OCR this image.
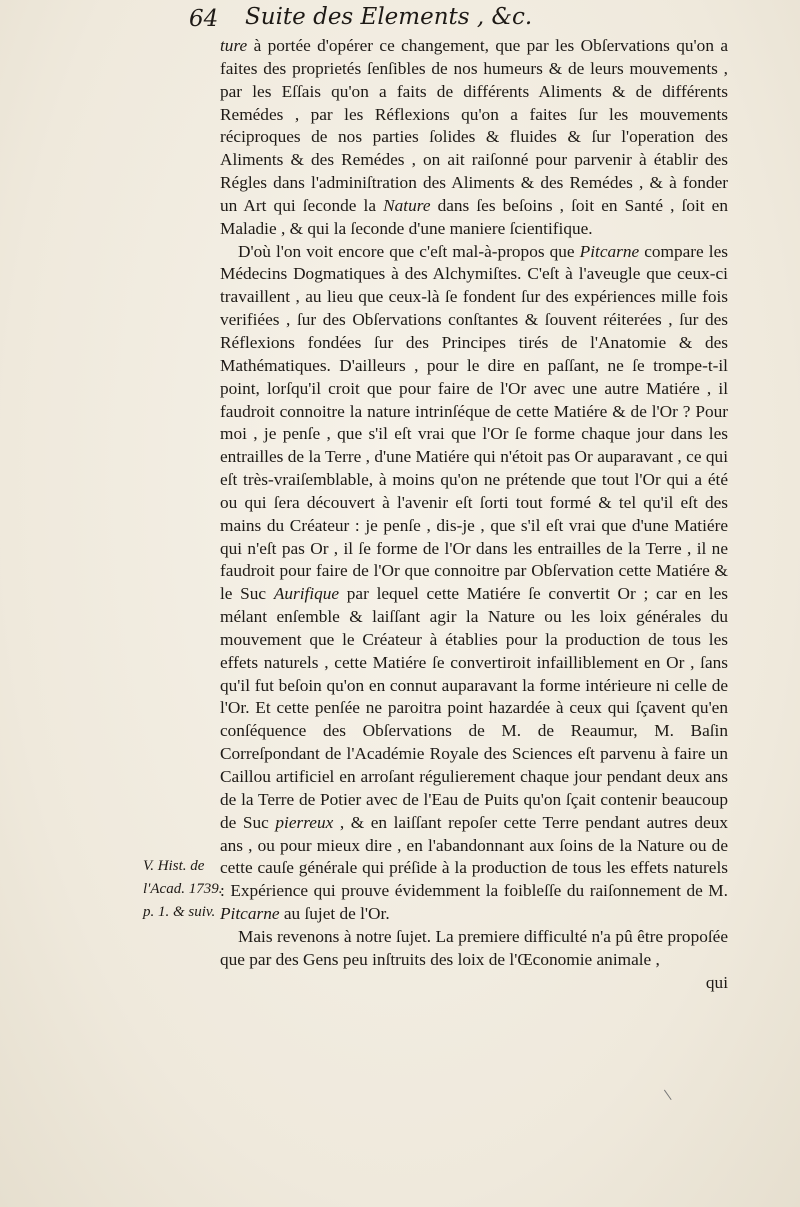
64 Suite des Elements , &c.
V. Hist. de
l'Acad. 1739.
p. 1. & suiv.

ture à portée d'opérer ce changement, que par les Obſervations qu'on a faites des proprietés ſenſibles de nos humeurs & de leurs mouvements , par les Eſſais qu'on a faits de différents Aliments & de différents Remédes , par les Réflexions qu'on a faites ſur les mouvements réciproques de nos parties ſolides & fluides & ſur l'operation des Aliments & des Remédes , on ait raiſonné pour parvenir à établir des Régles dans l'adminiſtration des Aliments & des Remédes , & à fonder un Art qui ſeconde la Nature dans ſes beſoins , ſoit en Santé , ſoit en Maladie , & qui la ſeconde d'une maniere ſcientifique.

D'où l'on voit encore que c'eſt mal-à-propos que Pitcarne compare les Médecins Dogmatiques à des Alchymiſtes. C'eſt à l'aveugle que ceux-ci travaillent , au lieu que ceux-là ſe fondent ſur des expériences mille fois verifiées , ſur des Obſervations conſtantes & ſouvent réiterées , ſur des Réflexions fondées ſur des Principes tirés de l'Anatomie & des Mathématiques. D'ailleurs , pour le dire en paſſant, ne ſe trompe-t-il point, lorſqu'il croit que pour faire de l'Or avec une autre Matiére , il faudroit connoitre la nature intrinſéque de cette Matiére & de l'Or ? Pour moi , je penſe , que s'il eſt vrai que l'Or ſe forme chaque jour dans les entrailles de la Terre , d'une Matiére qui n'étoit pas Or auparavant , ce qui eſt très-vraiſemblable, à moins qu'on ne prétende que tout l'Or qui a été ou qui ſera découvert à l'avenir eſt ſorti tout formé & tel qu'il eſt des mains du Créateur : je penſe , dis-je , que s'il eſt vrai que d'une Matiére qui n'eſt pas Or , il ſe forme de l'Or dans les entrailles de la Terre , il ne faudroit pour faire de l'Or que connoitre par Obſervation cette Matiére & le Suc Aurifique par lequel cette Matiére ſe convertit Or ; car en les mélant enſemble & laiſſant agir la Nature ou les loix générales du mouvement que le Créateur à établies pour la production de tous les effets naturels , cette Matiére ſe convertiroit infailliblement en Or , ſans qu'il fut beſoin qu'on en connut auparavant la forme intérieure ni celle de l'Or. Et cette penſée ne paroitra point hazardée à ceux qui ſçavent qu'en conſéquence des Obſervations de M. de Reaumur, M. Baſin Correſpondant de l'Académie Royale des Sciences eſt parvenu à faire un Caillou artificiel en arroſant régulierement chaque jour pendant deux ans de la Terre de Potier avec de l'Eau de Puits qu'on ſçait contenir beaucoup de Suc pierreux , & en laiſſant repoſer cette Terre pendant autres deux ans , ou pour mieux dire , en l'abandonnant aux ſoins de la Nature ou de cette cauſe générale qui préſide à la production de tous les effets naturels : Expérience qui prouve évidemment la foibleſſe du raiſonnement de M. Pitcarne au ſujet de l'Or.

Mais revenons à notre ſujet. La premiere difficulté n'a pû être propoſée que par des Gens peu inſtruits des loix de l'Œconomie animale ,

qui
